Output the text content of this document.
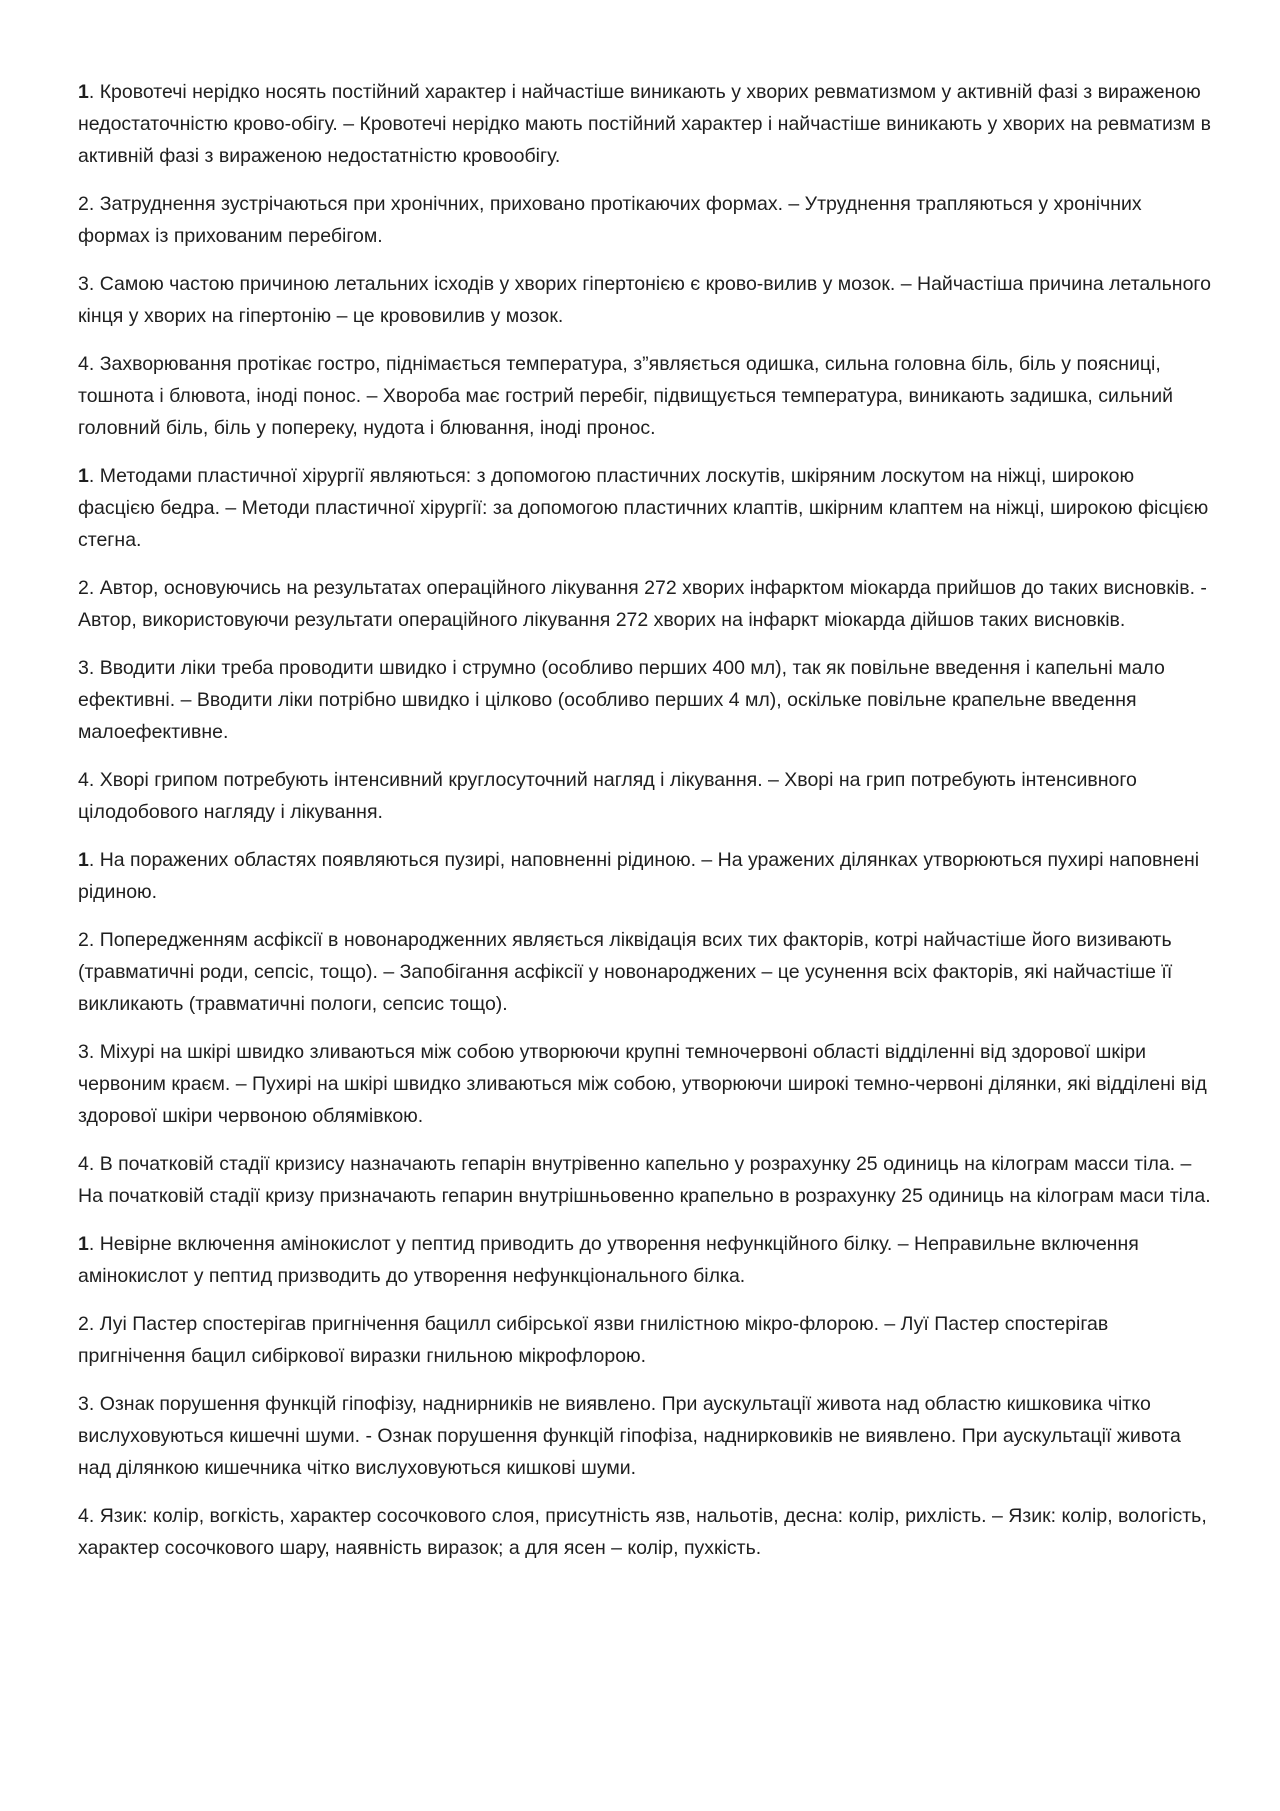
1. Кровотечі нерідко носять постійний характер і найчастіше виникають у хворих ревматизмом у активній фазі з вираженою недостаточністю крово-обігу. – Кровотечі нерідко мають постійний характер і найчастіше виникають у хворих на ревматизм в активній фазі з вираженою недостатністю кровообігу.

2. Затруднення зустрічаються при хронічних, приховано протікаючих формах. – Утруднення трапляються у хронічних формах із прихованим перебігом.

3. Самою частою причиною летальних ісходів у хворих гіпертонією є крово-вилив у мозок. – Найчастіша причина летального кінця у хворих на гіпертонію – це крововилив у мозок.

4. Захворювання протікає гостро, піднімається температура, з”являється одишка, сильна головна біль, біль у поясниці, тошнота і блювота, іноді понос. – Хвороба має гострий перебіг, підвищується температура, виникають задишка, сильний головний біль, біль у попереку, нудота і блювання, іноді пронос.

1. Методами пластичної хірургії являються: з допомогою пластичних лоскутів, шкіряним лоскутом на ніжці, широкою фасцією бедра. – Методи пластичної хірургії: за допомогою пластичних клаптів, шкірним клаптем на ніжці, широкою фісцією стегна.

2. Автор, основуючись на результатах операційного лікування 272 хворих інфарктом міокарда прийшов до таких висновків. - Автор, використовуючи результати операційного лікування 272 хворих на інфаркт міокарда дійшов таких висновків.

3. Вводити ліки треба проводити швидко і струмно (особливо перших 400 мл), так як повільне введення і капельні мало ефективні. – Вводити ліки потрібно швидко і цілково (особливо перших 4 мл), оскільке повільне крапельне введення малоефективне.

4. Хворі грипом потребують інтенсивний круглосуточний нагляд і лікування. – Хворі на грип потребують інтенсивного цілодобового нагляду і лікування.

1. На поражених областях появляються пузирі, наповненні рідиною. – На уражених ділянках утворюються пухирі наповнені рідиною.

2. Попередженням асфіксії в новонародженних являється ліквідація всих тих факторів, котрі найчастіше його визивають (травматичні роди, сепсіс, тощо). – Запобігання асфіксії у новонароджених – це усунення всіх факторів, які найчастіше її викликають (травматичні пологи, сепсис тощо).

3. Міхурі на шкірі швидко зливаються між собою утворюючи крупні темночервоні області відділенні від здорової шкіри червоним краєм. – Пухирі на шкірі швидко зливаються між собою, утворюючи широкі темно-червоні ділянки, які відділені від здорової шкіри червоною облямівкою.

4. В початковій стадії кризису назначають гепарін внутрівенно капельно у розрахунку 25 одиниць на кілограм масси тіла. – На початковій стадії кризу призначають гепарин внутрішньовенно крапельно в розрахунку 25 одиниць на кілограм маси тіла.

1. Невірне включення амінокислот у пептид приводить до утворення нефункційного білку. – Неправильне включення амінокислот у пептид призводить до утворення нефункціонального білка.

2. Луі Пастер спостерігав пригнічення бацилл сибірської язви гнилістною мікро-флорою. – Луї Пастер спостерігав пригнічення бацил сибіркової виразки гнильною мікрофлорою.

3. Ознак порушення функцій гіпофізу, наднирників не виявлено. При аускультації живота над областю кишковика чітко вислуховуються кишечні шуми. - Ознак порушення функцій гіпофіза, наднирковиків не виявлено. При аускультації живота над ділянкою кишечника чітко вислуховуються кишкові шуми.

4. Язик: колір, вогкість, характер сосочкового слоя, присутність язв, нальотів, десна: колір, рихлість. – Язик: колір, вологість, характер сосочкового шару, наявність виразок; а для ясен – колір, пухкість.
